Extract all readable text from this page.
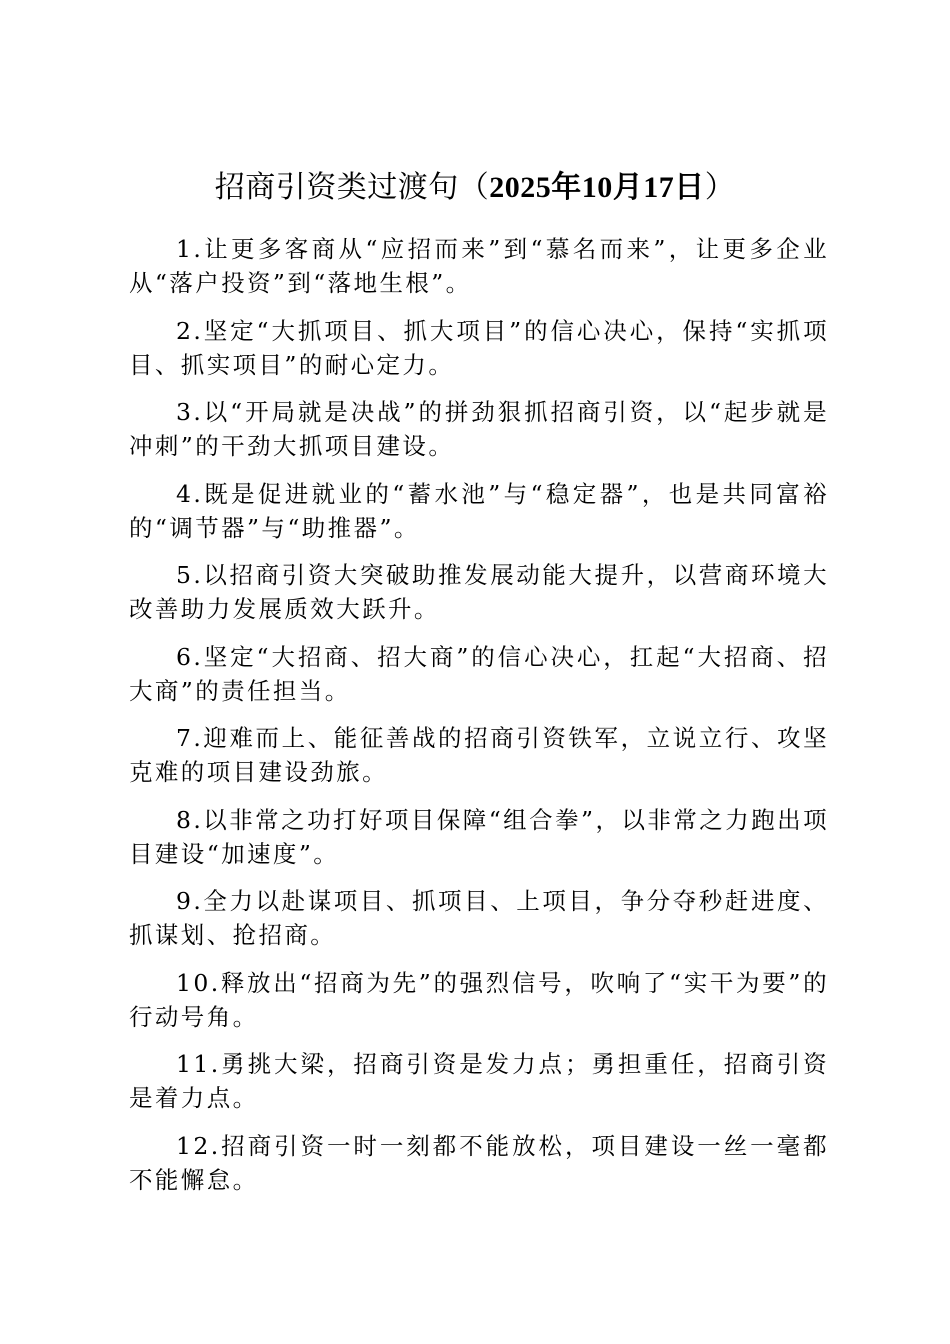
招商引资类过渡句（2025年10月17日）

1.让更多客商从“应招而来”到“慕名而来”，让更多企业从“落户投资”到“落地生根”。

2.坚定“大抓项目、抓大项目”的信心决心，保持“实抓项目、抓实项目”的耐心定力。

3.以“开局就是决战”的拼劲狠抓招商引资，以“起步就是冲刺”的干劲大抓项目建设。

4.既是促进就业的“蓄水池”与“稳定器”，也是共同富裕的“调节器”与“助推器”。

5.以招商引资大突破助推发展动能大提升，以营商环境大改善助力发展质效大跃升。

6.坚定“大招商、招大商”的信心决心，扛起“大招商、招大商”的责任担当。

7.迎难而上、能征善战的招商引资铁军，立说立行、攻坚克难的项目建设劲旅。

8.以非常之功打好项目保障“组合拳”，以非常之力跑出项目建设“加速度”。

9.全力以赴谋项目、抓项目、上项目，争分夺秒赶进度、抓谋划、抢招商。

10.释放出“招商为先”的强烈信号，吹响了“实干为要”的行动号角。

11.勇挑大梁，招商引资是发力点；勇担重任，招商引资是着力点。

12.招商引资一时一刻都不能放松，项目建设一丝一毫都不能懈怠。
